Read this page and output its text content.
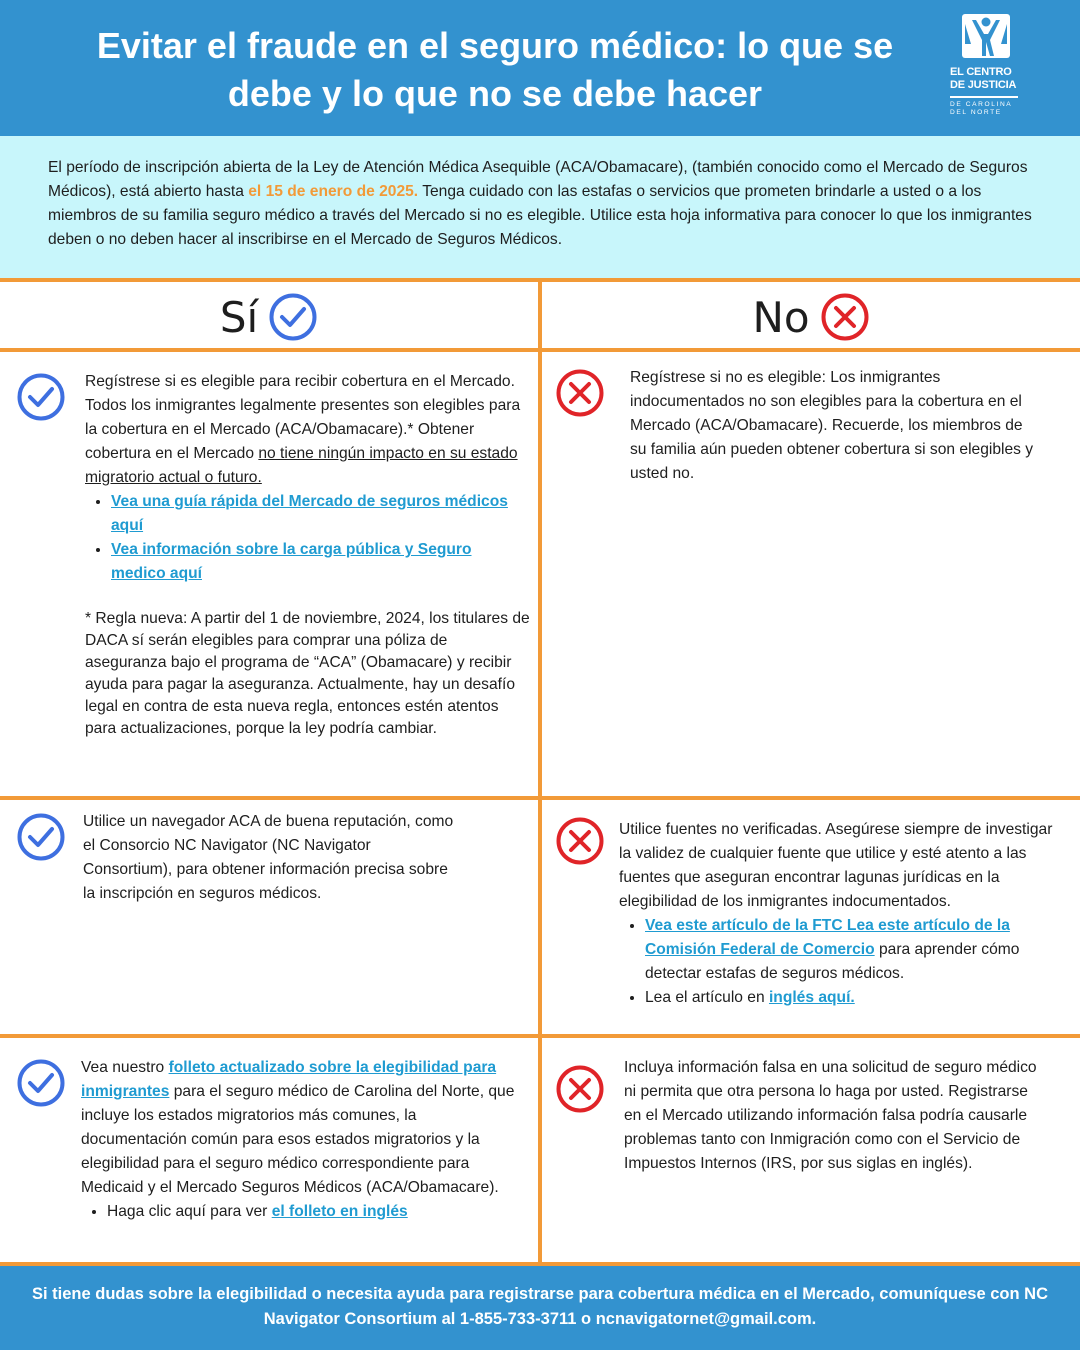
Evitar el fraude en el seguro médico: lo que se debe y lo que no se debe hacer
EL CENTRO
DE JUSTICIA
DE CAROLINA
DEL NORTE

El período de inscripción abierta de la Ley de Atención Médica Asequible (ACA/Obamacare), (también conocido como el Mercado de Seguros Médicos), está abierto hasta el 15 de enero de 2025. Tenga cuidado con las estafas o servicios que prometen brindarle a usted o a los miembros de su familia seguro médico a través del Mercado si no es elegible. Utilice esta hoja informativa para conocer lo que los inmigrantes deben o no deben hacer al inscribirse en el Mercado de Seguros Médicos.

Sí	No
Regístrese si es elegible para recibir cobertura en el Mercado. Todos los inmigrantes legalmente presentes son elegibles para la cobertura en el Mercado (ACA/Obamacare).* Obtener cobertura en el Mercado no tiene ningún impacto en su estado migratorio actual o futuro.
• Vea una guía rápida del Mercado de seguros médicos aquí
• Vea información sobre la carga pública y Seguro medico aquí
* Regla nueva: A partir del 1 de noviembre, 2024, los titulares de DACA sí serán elegibles para comprar una póliza de aseguranza bajo el programa de “ACA” (Obamacare) y recibir ayuda para pagar la aseguranza. Actualmente, hay un desafío legal en contra de esta nueva regla, entonces estén atentos para actualizaciones, porque la ley podría cambiar.
Regístrese si no es elegible: Los inmigrantes indocumentados no son elegibles para la cobertura en el Mercado (ACA/Obamacare). Recuerde, los miembros de su familia aún pueden obtener cobertura si son elegibles y usted no.
Utilice un navegador ACA de buena reputación, como el Consorcio NC Navigator (NC Navigator Consortium), para obtener información precisa sobre la inscripción en seguros médicos.
Utilice fuentes no verificadas. Asegúrese siempre de investigar la validez de cualquier fuente que utilice y esté atento a las fuentes que aseguran encontrar lagunas jurídicas en la elegibilidad de los inmigrantes indocumentados.
• Vea este artículo de la FTC Lea este artículo de la Comisión Federal de Comercio para aprender cómo detectar estafas de seguros médicos.
• Lea el artículo en inglés aquí.
Vea nuestro folleto actualizado sobre la elegibilidad para inmigrantes para el seguro médico de Carolina del Norte, que incluye los estados migratorios más comunes, la documentación común para esos estados migratorios y la elegibilidad para el seguro médico correspondiente para Medicaid y el Mercado Seguros Médicos (ACA/Obamacare).
• Haga clic aquí para ver el folleto en inglés
Incluya información falsa en una solicitud de seguro médico ni permita que otra persona lo haga por usted. Registrarse en el Mercado utilizando información falsa podría causarle problemas tanto con Inmigración como con el Servicio de Impuestos Internos (IRS, por sus siglas en inglés).

Si tiene dudas sobre la elegibilidad o necesita ayuda para registrarse para cobertura médica en el Mercado, comuníquese con NC Navigator Consortium al 1-855-733-3711 o ncnavigatornet@gmail.com.
